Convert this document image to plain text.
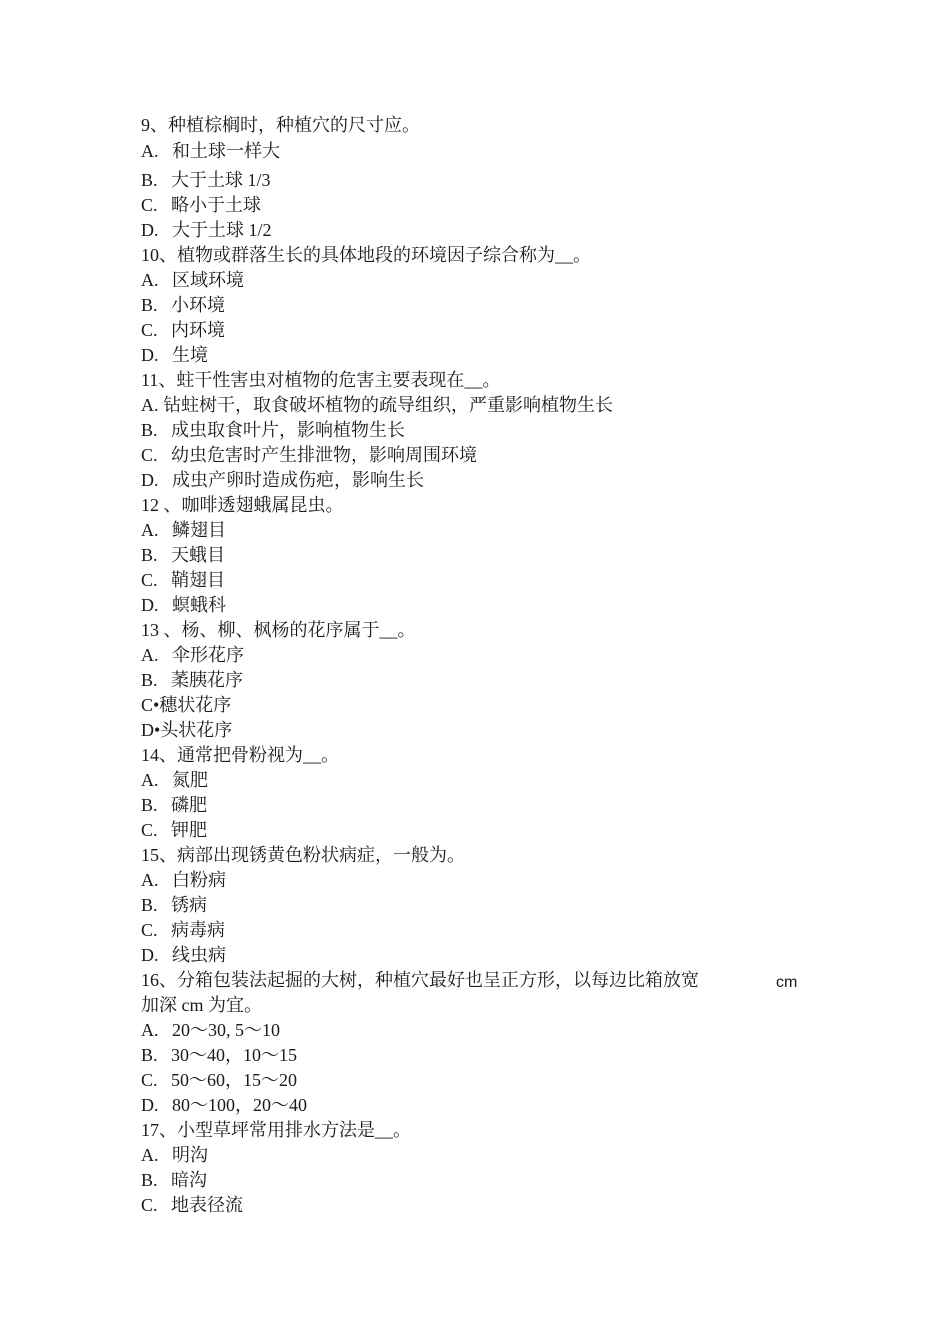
9、种植棕榈时，种植穴的尺寸应。
A.   和土球一样大
B.   大于土球 1/3
C.   略小于土球
D.   大于土球 1/2
10、植物或群落生长的具体地段的环境因子综合称为__。
A.   区域环境
B.   小环境
C.   内环境
D.   生境
11、蛀干性害虫对植物的危害主要表现在__。
A. 钻蛀树干，取食破坏植物的疏导组织，严重影响植物生长
B.   成虫取食叶片，影响植物生长
C.   幼虫危害时产生排泄物，影响周围环境
D.   成虫产卵时造成伤疤，影响生长
12 、咖啡透翅蛾属昆虫。
A.   鳞翅目
B.   天蛾目
C.   鞘翅目
D.   螟蛾科
13 、杨、柳、枫杨的花序属于__。
A.   伞形花序
B.   葇胰花序
C•穗状花序
D•头状花序
14、通常把骨粉视为__。
A.   氮肥
B.   磷肥
C.   钾肥
15、病部出现锈黄色粉状病症，一般为。
A.   白粉病
B.   锈病
C.   病毒病
D.   线虫病
16、分箱包装法起掘的大树，种植穴最好也呈正方形，以每边比箱放宽	cm
加深 cm 为宜。
A.   20〜30, 5〜10
B.   30〜40，10〜15
C.   50〜60，15〜20
D.   80〜100，20〜40
17、小型草坪常用排水方法是__。
A.   明沟
B.   暗沟
C.   地表径流
